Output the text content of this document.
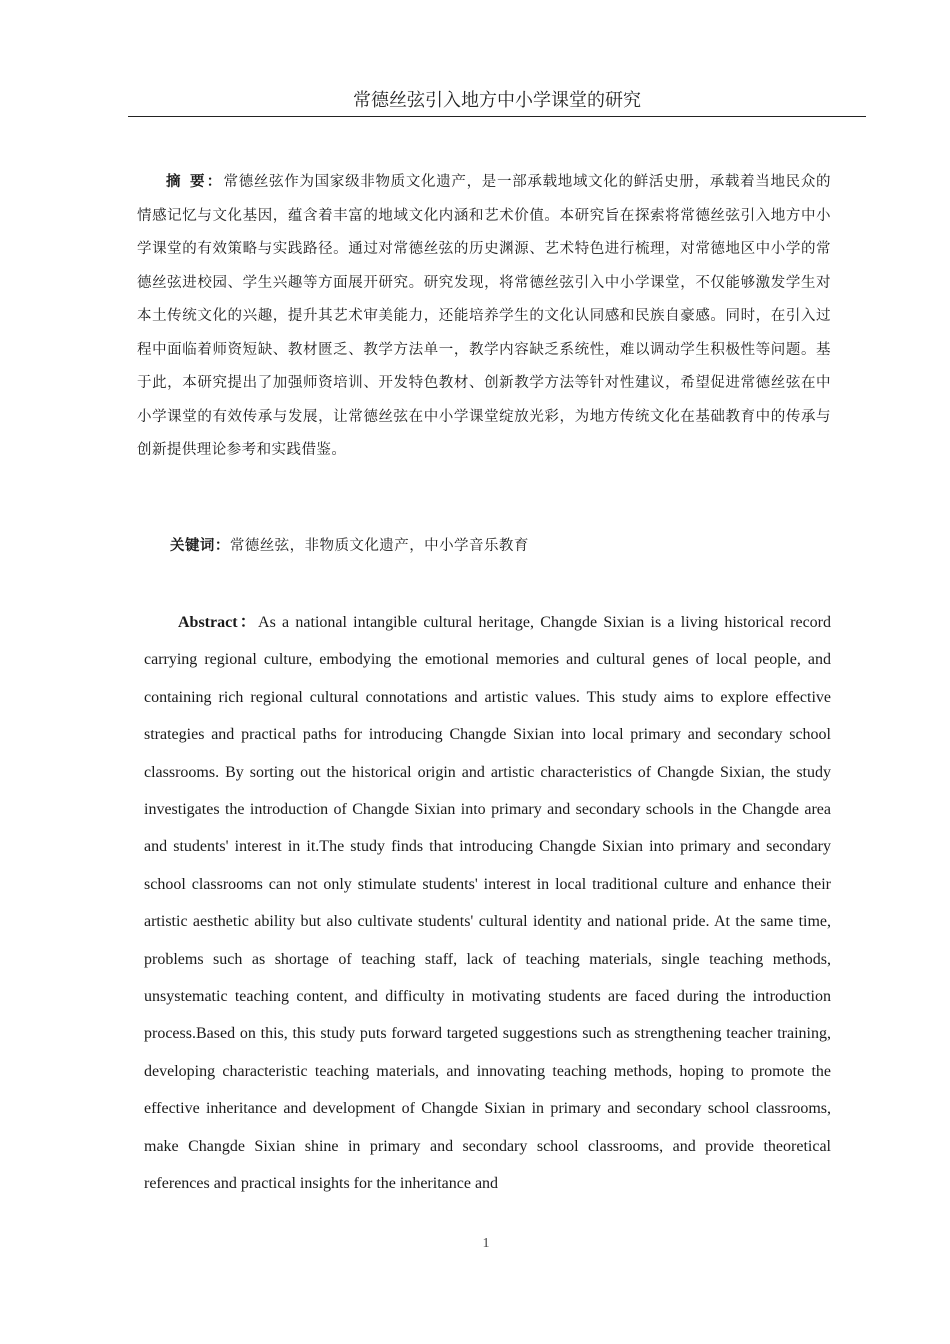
常德丝弦引入地方中小学课堂的研究
摘 要：常德丝弦作为国家级非物质文化遗产，是一部承载地域文化的鲜活史册，承载着当地民众的情感记忆与文化基因，蕴含着丰富的地域文化内涵和艺术价值。本研究旨在探索将常德丝弦引入地方中小学课堂的有效策略与实践路径。通过对常德丝弦的历史渊源、艺术特色进行梳理，对常德地区中小学的常德丝弦进校园、学生兴趣等方面展开研究。研究发现，将常德丝弦引入中小学课堂，不仅能够激发学生对本土传统文化的兴趣，提升其艺术审美能力，还能培养学生的文化认同感和民族自豪感。同时，在引入过程中面临着师资短缺、教材匮乏、教学方法单一，教学内容缺乏系统性，难以调动学生积极性等问题。基于此，本研究提出了加强师资培训、开发特色教材、创新教学方法等针对性建议，希望促进常德丝弦在中小学课堂的有效传承与发展，让常德丝弦在中小学课堂绽放光彩，为地方传统文化在基础教育中的传承与创新提供理论参考和实践借鉴。
关键词：常德丝弦，非物质文化遗产，中小学音乐教育
Abstract：As a national intangible cultural heritage, Changde Sixian is a living historical record carrying regional culture, embodying the emotional memories and cultural genes of local people, and containing rich regional cultural connotations and artistic values. This study aims to explore effective strategies and practical paths for introducing Changde Sixian into local primary and secondary school classrooms. By sorting out the historical origin and artistic characteristics of Changde Sixian, the study investigates the introduction of Changde Sixian into primary and secondary schools in the Changde area and students' interest in it.The study finds that introducing Changde Sixian into primary and secondary school classrooms can not only stimulate students' interest in local traditional culture and enhance their artistic aesthetic ability but also cultivate students' cultural identity and national pride. At the same time, problems such as shortage of teaching staff, lack of teaching materials, single teaching methods, unsystematic teaching content, and difficulty in motivating students are faced during the introduction process.Based on this, this study puts forward targeted suggestions such as strengthening teacher training, developing characteristic teaching materials, and innovating teaching methods, hoping to promote the effective inheritance and development of Changde Sixian in primary and secondary school classrooms, make Changde Sixian shine in primary and secondary school classrooms, and provide theoretical references and practical insights for the inheritance and
1
